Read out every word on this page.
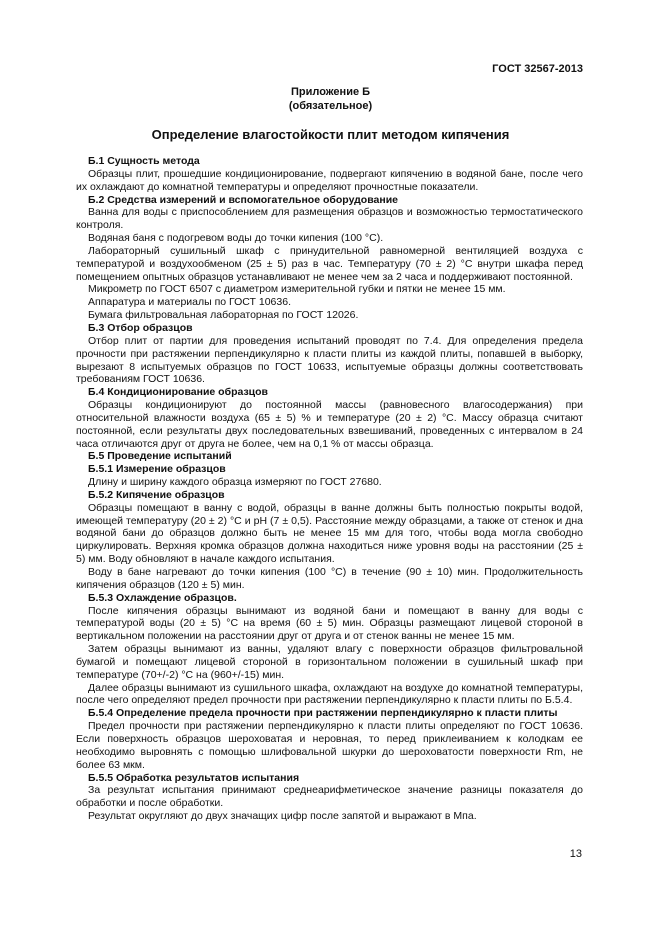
ГОСТ 32567-2013
Приложение Б
(обязательное)
Определение влагостойкости плит методом кипячения

Б.1 Сущность метода

Образцы плит, прошедшие кондиционирование, подвергают кипячению в водяной бане, после чего их охлаждают до комнатной температуры и определяют прочностные показатели.

Б.2 Средства измерений и вспомогательное оборудование

Ванна для воды с приспособлением для размещения образцов и возможностью термостатического контроля.

Водяная баня с подогревом воды до точки кипения (100 °С).

Лабораторный сушильный шкаф с принудительной равномерной вентиляцией воздуха с температурой и воздухообменом (25 ± 5) раз в час. Температуру (70 ± 2) °С внутри шкафа перед помещением опытных образцов устанавливают не менее чем за 2 часа и поддерживают постоянной.

Микрометр по ГОСТ 6507 с диаметром измерительной губки и пятки не менее 15 мм.

Аппаратура и материалы по ГОСТ 10636.

Бумага фильтровальная лабораторная по ГОСТ 12026.

Б.3 Отбор образцов

Отбор плит от партии для проведения испытаний проводят по 7.4. Для определения предела прочности при растяжении перпендикулярно к пласти плиты из каждой плиты, попавшей в выборку, вырезают 8 испытуемых образцов по ГОСТ 10633, испытуемые образцы должны соответствовать требованиям ГОСТ 10636.

Б.4 Кондиционирование образцов

Образцы кондиционируют до постоянной массы (равновесного влагосодержания) при относительной влажности воздуха (65 ± 5) % и температуре (20 ± 2) °С. Массу образца считают постоянной, если результаты двух последовательных взвешиваний, проведенных с интервалом в 24 часа отличаются друг от друга не более, чем на 0,1 % от массы образца.

Б.5 Проведение испытаний

Б.5.1 Измерение образцов

Длину и ширину каждого образца измеряют по ГОСТ 27680.

Б.5.2 Кипячение образцов

Образцы помещают в ванну с водой, образцы в ванне должны быть полностью покрыты водой, имеющей температуру (20 ± 2) °С и pH (7 ± 0,5). Расстояние между образцами, а также от стенок и дна водяной бани до образцов должно быть не менее 15 мм для того, чтобы вода могла свободно циркулировать. Верхняя кромка образцов должна находиться ниже уровня воды на расстоянии (25 ± 5) мм. Воду обновляют в начале каждого испытания.

Воду в бане нагревают до точки кипения (100 °С) в течение (90 ± 10) мин. Продолжительность кипячения образцов (120 ± 5) мин.

Б.5.3 Охлаждение образцов.

После кипячения образцы вынимают из водяной бани и помещают в ванну для воды с температурой воды (20 ± 5) °С на время (60 ± 5) мин. Образцы размещают лицевой стороной в вертикальном положении на расстоянии друг от друга и от стенок ванны не менее 15 мм.

Затем образцы вынимают из ванны, удаляют влагу с поверхности образцов фильтровальной бумагой и помещают лицевой стороной в горизонтальном положении в сушильный шкаф при температуре (70+/-2) °С на (960+/-15) мин.

Далее образцы вынимают из сушильного шкафа, охлаждают на воздухе до комнатной температуры, после чего определяют предел прочности при растяжении перпендикулярно к пласти плиты по Б.5.4.

Б.5.4 Определение предела прочности при растяжении перпендикулярно к пласти плиты

Предел прочности при растяжении перпендикулярно к пласти плиты определяют по ГОСТ 10636. Если поверхность образцов шероховатая и неровная, то перед приклеиванием к колодкам ее необходимо выровнять с помощью шлифовальной шкурки до шероховатости поверхности Rm, не более 63 мкм.

Б.5.5 Обработка результатов испытания

За результат испытания принимают среднеарифметическое значение разницы показателя до обработки и после обработки.

Результат округляют до двух значащих цифр после запятой и выражают в Мпа.

13
